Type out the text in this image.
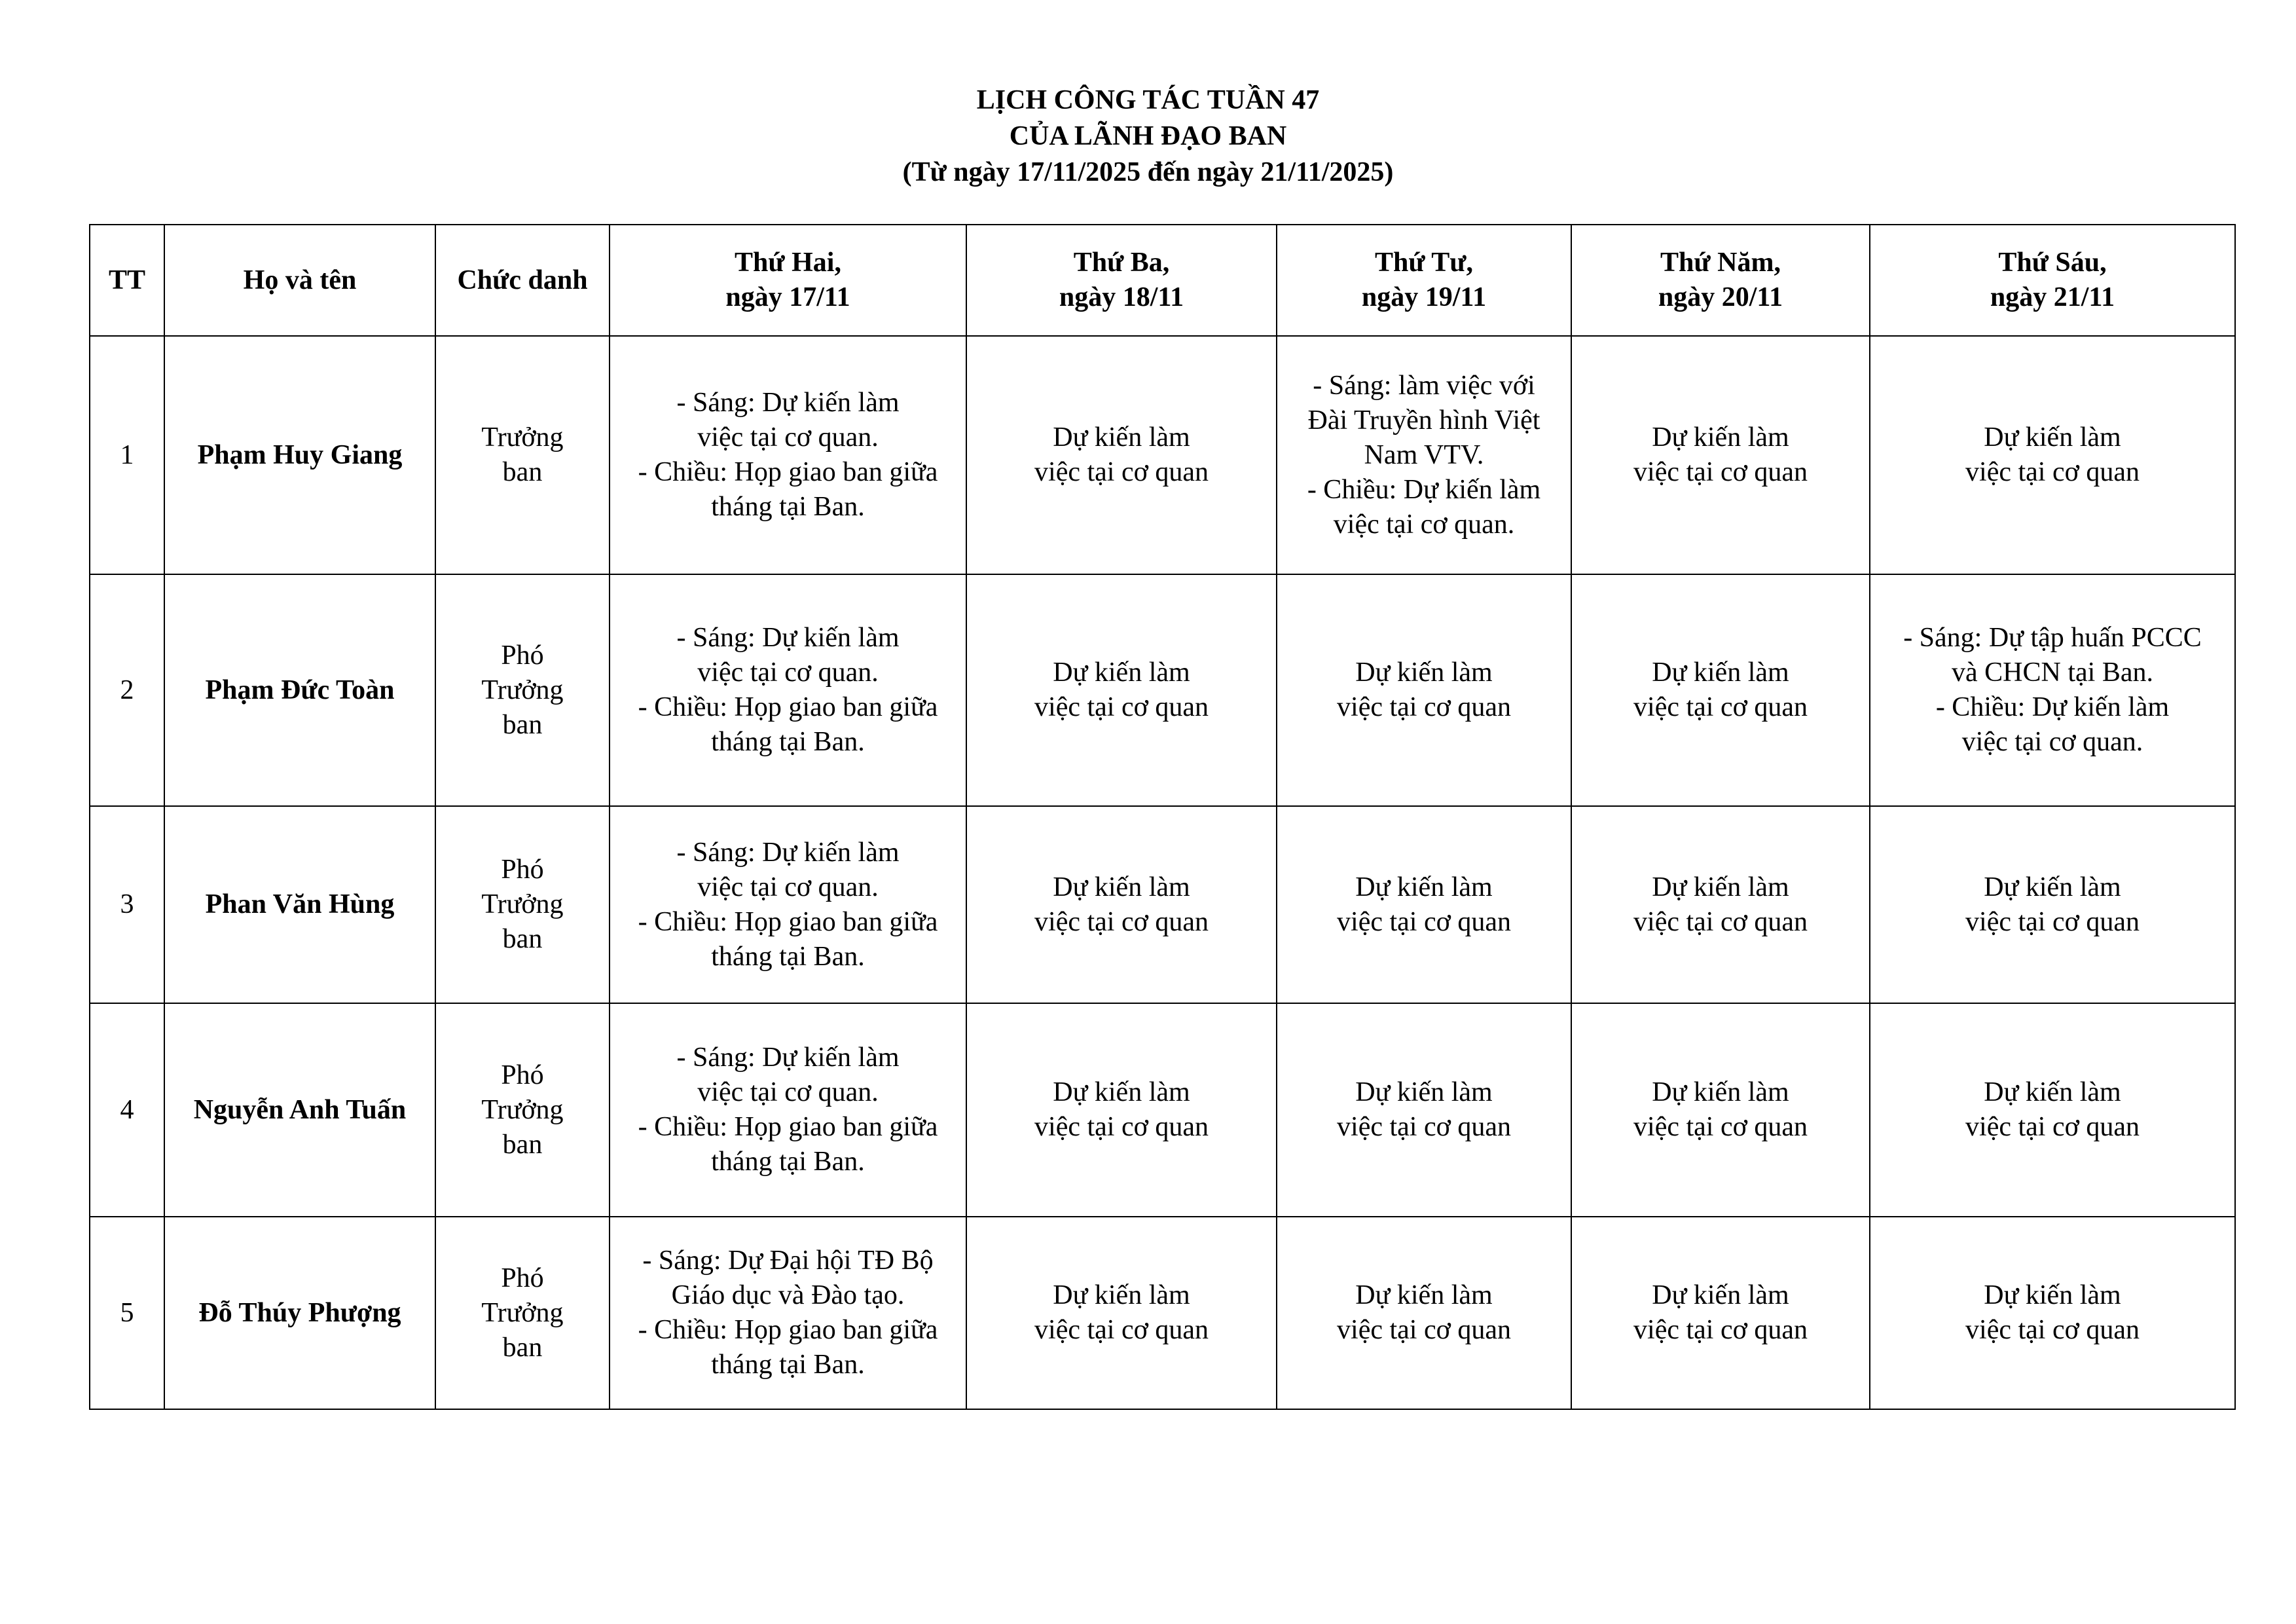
LỊCH CÔNG TÁC TUẦN 47
CỦA LÃNH ĐẠO BAN
(Từ ngày 17/11/2025 đến ngày 21/11/2025)
TT	Họ và tên	Chức danh	Thứ Hai,
ngày 17/11	Thứ Ba,
ngày 18/11	Thứ Tư,
ngày 19/11	Thứ Năm,
ngày 20/11	Thứ Sáu,
ngày 21/11

1	Phạm Huy Giang	Trưởng
ban	- Sáng: Dự kiến làm
việc tại cơ quan.
- Chiều: Họp giao ban giữa
tháng tại Ban.	Dự kiến làm
việc tại cơ quan	- Sáng: làm việc với
Đài Truyền hình Việt
Nam VTV.
- Chiều: Dự kiến làm
việc tại cơ quan.	Dự kiến làm
việc tại cơ quan	Dự kiến làm
việc tại cơ quan

2	Phạm Đức Toàn	Phó
Trưởng
ban	- Sáng: Dự kiến làm
việc tại cơ quan.
- Chiều: Họp giao ban giữa
tháng tại Ban.	Dự kiến làm
việc tại cơ quan	Dự kiến làm
việc tại cơ quan	Dự kiến làm
việc tại cơ quan	- Sáng: Dự tập huấn PCCC
và CHCN tại Ban.
- Chiều: Dự kiến làm
việc tại cơ quan.

3	Phan Văn Hùng	Phó
Trưởng
ban	- Sáng: Dự kiến làm
việc tại cơ quan.
- Chiều: Họp giao ban giữa
tháng tại Ban.	Dự kiến làm
việc tại cơ quan	Dự kiến làm
việc tại cơ quan	Dự kiến làm
việc tại cơ quan	Dự kiến làm
việc tại cơ quan

4	Nguyễn Anh Tuấn	Phó
Trưởng
ban	- Sáng: Dự kiến làm
việc tại cơ quan.
- Chiều: Họp giao ban giữa
tháng tại Ban.	Dự kiến làm
việc tại cơ quan	Dự kiến làm
việc tại cơ quan	Dự kiến làm
việc tại cơ quan	Dự kiến làm
việc tại cơ quan

5	Đỗ Thúy Phượng	Phó
Trưởng
ban	- Sáng: Dự Đại hội TĐ Bộ
Giáo dục và Đào tạo.
- Chiều: Họp giao ban giữa
tháng tại Ban.	Dự kiến làm
việc tại cơ quan	Dự kiến làm
việc tại cơ quan	Dự kiến làm
việc tại cơ quan	Dự kiến làm
việc tại cơ quan
